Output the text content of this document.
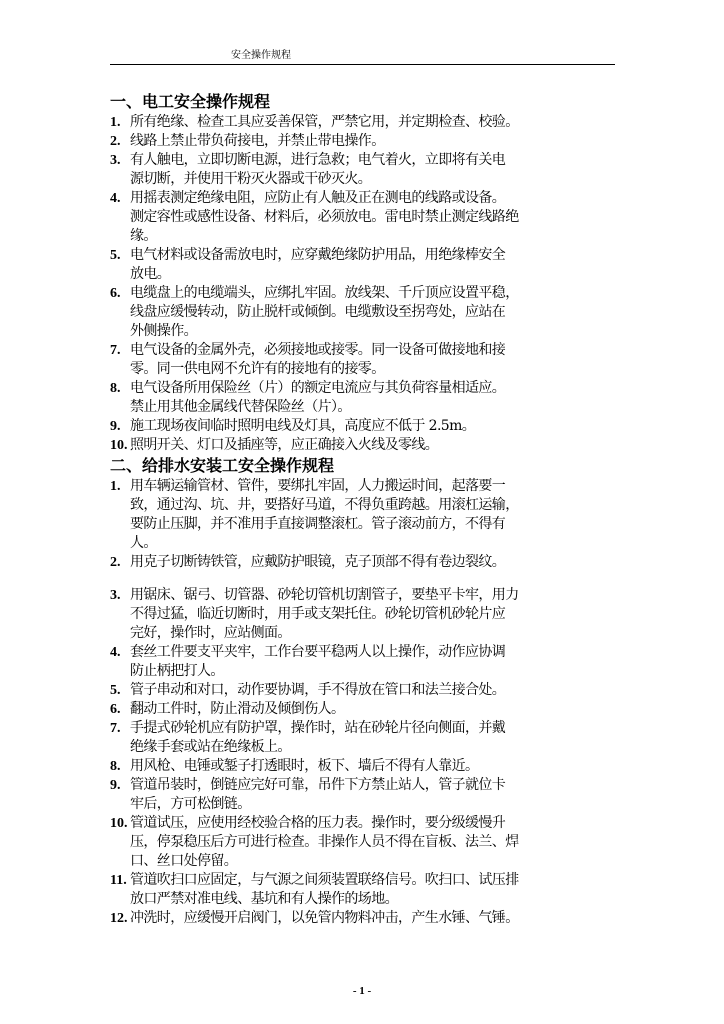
安全操作规程
一、电工安全操作规程
1. 所有绝缘、检查工具应妥善保管，严禁它用，并定期检查、校验。
2. 线路上禁止带负荷接电，并禁止带电操作。
3. 有人触电，立即切断电源，进行急救；电气着火，立即将有关电
源切断，并使用干粉灭火器或干砂灭火。
4. 用摇表测定绝缘电阻，应防止有人触及正在测电的线路或设备。
测定容性或感性设备、材料后，必须放电。雷电时禁止测定线路绝
缘。
5. 电气材料或设备需放电时，应穿戴绝缘防护用品，用绝缘棒安全
放电。
6. 电缆盘上的电缆端头，应绑扎牢固。放线架、千斤顶应设置平稳，
线盘应缓慢转动，防止脱杆或倾倒。电缆敷设至拐弯处，应站在
外侧操作。
7. 电气设备的金属外壳，必须接地或接零。同一设备可做接地和接
零。同一供电网不允许有的接地有的接零。
8. 电气设备所用保险丝（片）的额定电流应与其负荷容量相适应。
禁止用其他金属线代替保险丝（片）。
9. 施工现场夜间临时照明电线及灯具，高度应不低于 2.5m。
10. 照明开关、灯口及插座等，应正确接入火线及零线。
二、给排水安装工安全操作规程
1. 用车辆运输管材、管件，要绑扎牢固，人力搬运时间，起落要一
致，通过沟、坑、井，要搭好马道，不得负重跨越。用滚杠运输，
要防止压脚，并不准用手直接调整滚杠。管子滚动前方，不得有
人。
2. 用克子切断铸铁管，应戴防护眼镜，克子顶部不得有卷边裂纹。
3. 用锯床、锯弓、切管器、砂轮切管机切割管子，要垫平卡牢，用力
不得过猛，临近切断时，用手或支架托住。砂轮切管机砂轮片应
完好，操作时，应站侧面。
4. 套丝工件要支平夹牢，工作台要平稳两人以上操作，动作应协调
防止柄把打人。
5. 管子串动和对口，动作要协调，手不得放在管口和法兰接合处。
6. 翻动工件时，防止滑动及倾倒伤人。
7. 手提式砂轮机应有防护罩，操作时，站在砂轮片径向侧面，并戴
绝缘手套或站在绝缘板上。
8. 用风枪、电锤或錾子打透眼时，板下、墙后不得有人靠近。
9. 管道吊装时，倒链应完好可靠，吊件下方禁止站人，管子就位卡
牢后，方可松倒链。
10. 管道试压，应使用经校验合格的压力表。操作时，要分级缓慢升
压，停泵稳压后方可进行检查。非操作人员不得在盲板、法兰、焊
口、丝口处停留。
11. 管道吹扫口应固定，与气源之间须装置联络信号。吹扫口、试压排
放口严禁对准电线、基坑和有人操作的场地。
12. 冲洗时，应缓慢开启阀门，以免管内物料冲击，产生水锤、气锤。
- 1 -
